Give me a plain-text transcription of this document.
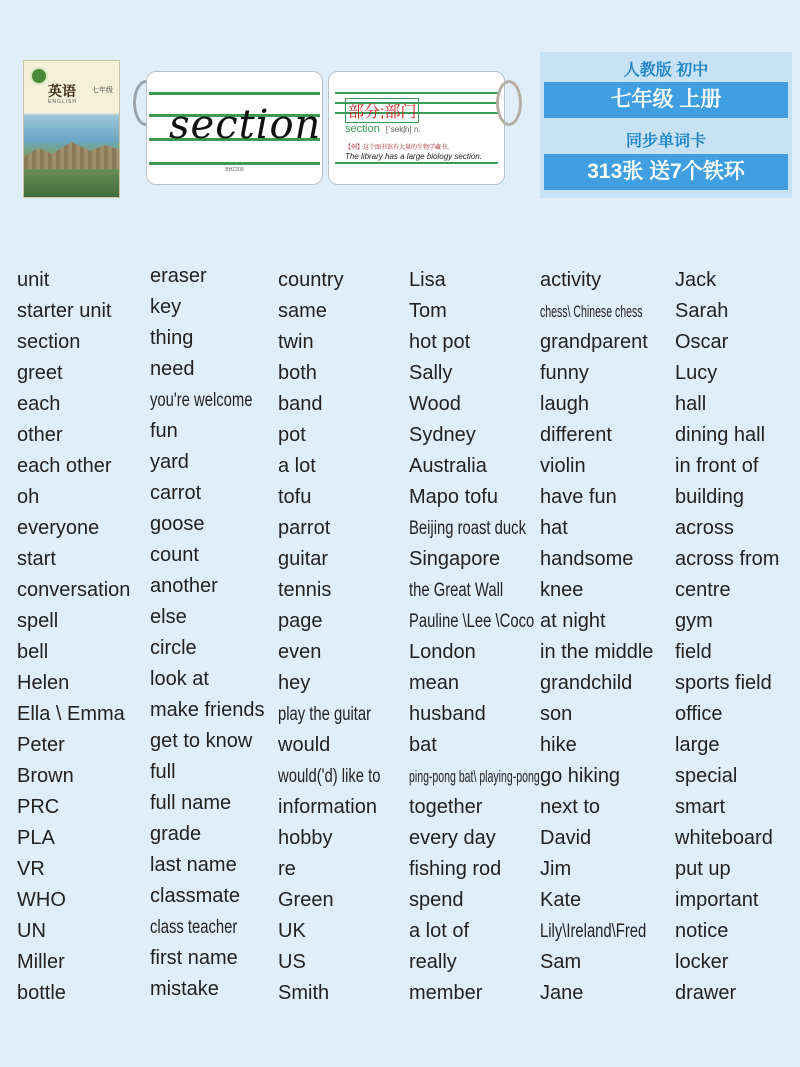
英语 七年级
ENGLISH section
BHZ209
部分;部门
section [ˈsekʃn] n.
【例】这个图书馆有大量的生物学藏书。
The library has a large biology section.
人教版 初中
七年级 上册
同步单词卡
313张 送7个铁环
unit
starter unit
section
greet
each
other
each other
oh
everyone
start
conversation
spell
bell
Helen
Ella \ Emma
Peter
Brown
PRC
PLA
VR
WHO
UN
Miller
bottle
eraser
key
thing
need
you're welcome
fun
yard
carrot
goose
count
another
else
circle
look at
make friends
get to know
full
full name
grade
last name
classmate
class teacher
first name
mistake
country
same
twin
both
band
pot
a lot
tofu
parrot
guitar
tennis
page
even
hey
play the guitar
would
would('d) like to
information
hobby
re
Green
UK
US
Smith
Lisa
Tom
hot pot
Sally
Wood
Sydney
Australia
Mapo tofu
Beijing roast duck
Singapore
the Great Wall
Pauline \Lee \Coco
London
mean
husband
bat
ping-pong bat\ playing-pong
together
every day
fishing rod
spend
a lot of
really
member
activity
chess\ Chinese chess
grandparent
funny
laugh
different
violin
have fun
hat
handsome
knee
at night
in the middle
grandchild
son
hike
go hiking
next to
David
Jim
Kate
Lily\Ireland\Fred
Sam
Jane
Jack
Sarah
Oscar
Lucy
hall
dining hall
in front of
building
across
across from
centre
gym
field
sports field
office
large
special
smart
whiteboard
put up
important
notice
locker
drawer
